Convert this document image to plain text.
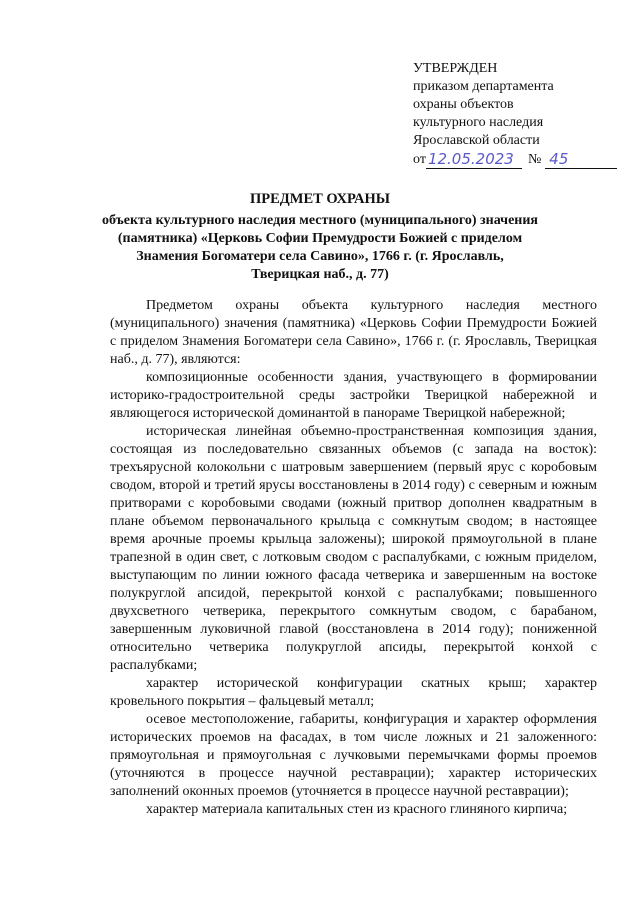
УТВЕРЖДЕН
приказом департамента
охраны объектов
культурного наследия
Ярославской области
от 12.05.2023	№ 45
ПРЕДМЕТ ОХРАНЫ
объекта культурного наследия местного (муниципального) значения
(памятника) «Церковь Софии Премудрости Божией с приделом
Знамения Богоматери села Савино», 1766 г. (г. Ярославль,
Тверицкая наб., д. 77)

Предметом охраны объекта культурного наследия местного (муниципального) значения (памятника) «Церковь Софии Премудрости Божией с приделом Знамения Богоматери села Савино», 1766 г. (г. Ярославль, Тверицкая наб., д. 77), являются:

композиционные особенности здания, участвующего в формировании историко-градостроительной среды застройки Тверицкой набережной и являющегося исторической доминантой в панораме Тверицкой набережной;

историческая линейная объемно-пространственная композиция здания, состоящая из последовательно связанных объемов (с запада на восток): трехъярусной колокольни с шатровым завершением (первый ярус с коробовым сводом, второй и третий ярусы восстановлены в 2014 году) с северным и южным притворами с коробовыми сводами (южный притвор дополнен квадратным в плане объемом первоначального крыльца с сомкнутым сводом; в настоящее время арочные проемы крыльца заложены); широкой прямоугольной в плане трапезной в один свет, с лотковым сводом с распалубками, с южным приделом, выступающим по линии южного фасада четверика и завершенным на востоке полукруглой апсидой, перекрытой конхой с распалубками; повышенного двухсветного четверика, перекрытого сомкнутым сводом, с барабаном, завершенным луковичной главой (восстановлена в 2014 году); пониженной относительно четверика полукруглой апсиды, перекрытой конхой с распалубками;

характер исторической конфигурации скатных крыш; характер кровельного покрытия – фальцевый металл;

осевое местоположение, габариты, конфигурация и характер оформления исторических проемов на фасадах, в том числе ложных и 21 заложенного: прямоугольная и прямоугольная с лучковыми перемычками формы проемов (уточняются в процессе научной реставрации); характер исторических заполнений оконных проемов (уточняется в процессе научной реставрации);

характер материала капитальных стен из красного глиняного кирпича;
